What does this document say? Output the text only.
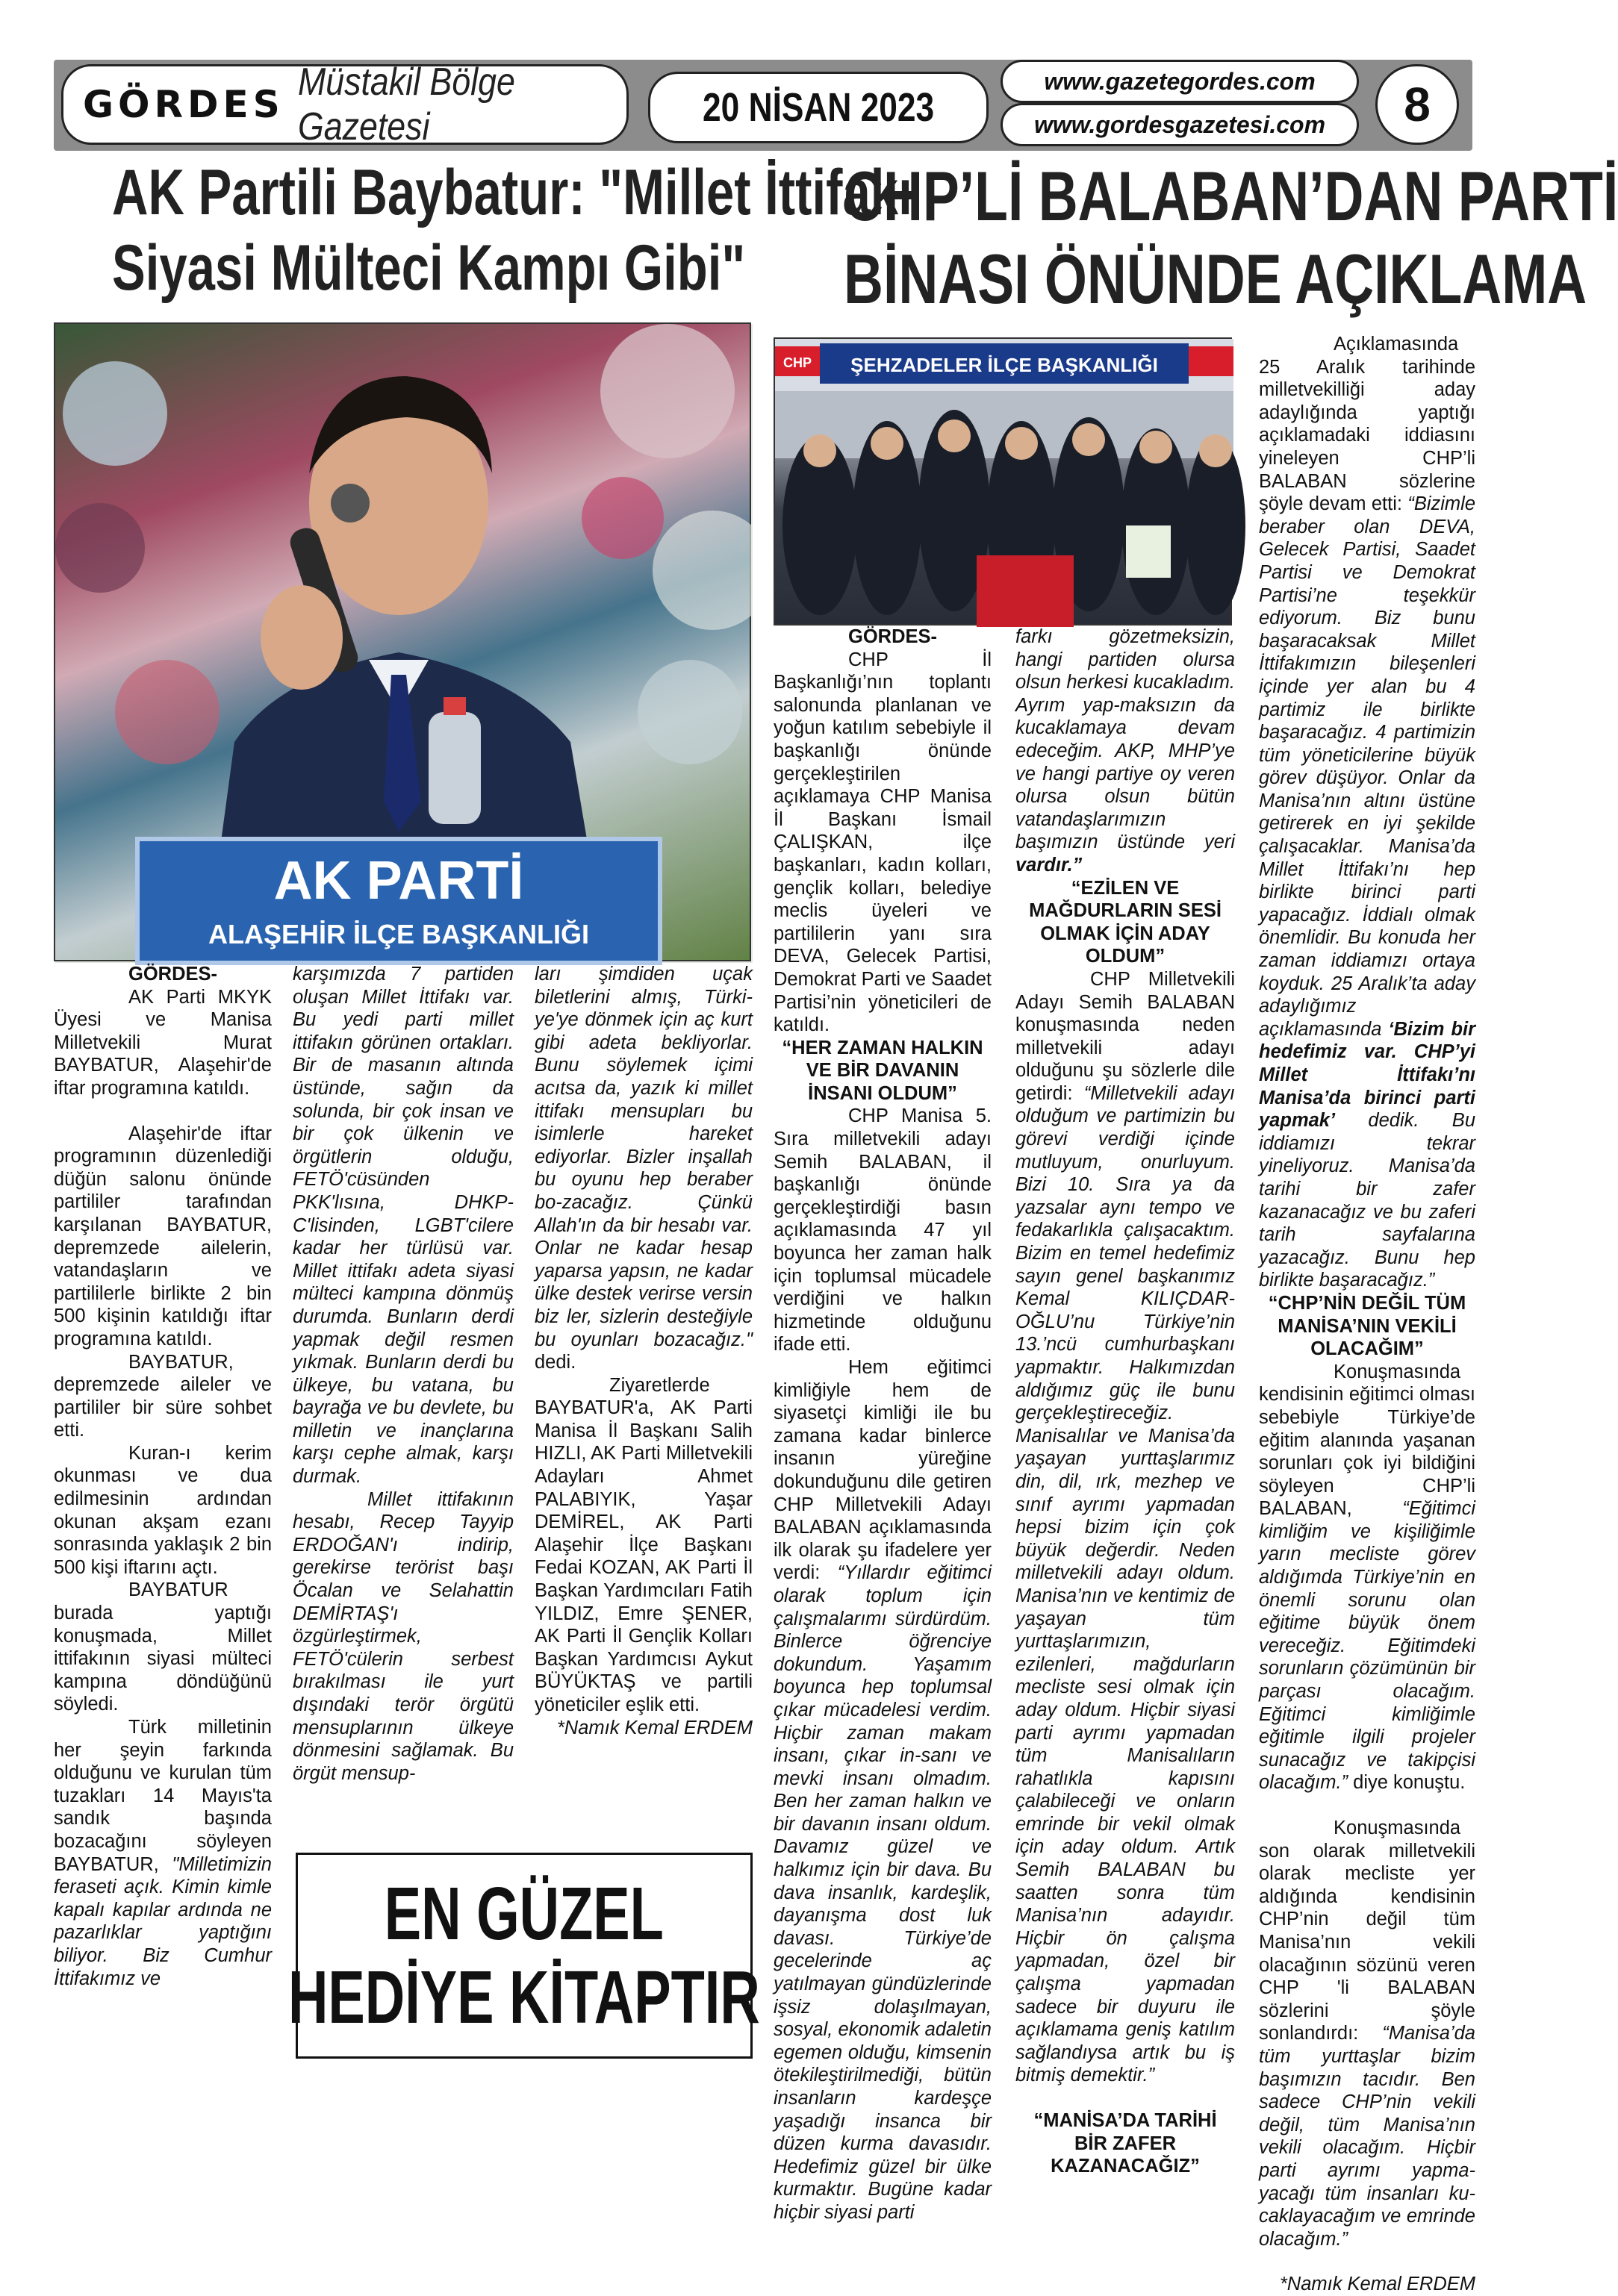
GÖRDES
Müstakil Bölge Gazetesi	20 NİSAN 2023
www.gazetegordes.com
www.gordesgazetesi.com	8
AK Partili Baybatur: "Millet İttifakı
Siyasi Mülteci Kampı Gibi"
CHP’Lİ BALABAN’DAN PARTİ
BİNASI ÖNÜNDE AÇIKLAMA
AK PARTİ
ALAŞEHİR İLÇE BAŞKANLIĞI
ŞEHZADELER İLÇE BAŞKANLIĞI
CHP
GÖRDES-

AK Parti MKYK Üyesi ve Manisa Milletvekili Murat BAYBATUR, Alaşehir'de iftar programına katıldı.

Alaşehir'de iftar programının düzenlediği düğün salonu önünde partililer tarafından karşılanan BAYBATUR, depremzede ailelerin, vatandaşların ve partililerle birlikte 2 bin 500 kişinin katıldığı iftar programına katıldı.

BAYBATUR, depremzede aileler ve partililer bir süre sohbet etti.

Kuran-ı kerim okunması ve dua edilmesinin ardından okunan akşam ezanı sonrasında yaklaşık 2 bin 500 kişi iftarını açtı.

BAYBATUR burada yaptığı konuşmada, Millet ittifakının siyasi mülteci kampına döndüğünü söyledi.

Türk milletinin her şeyin farkında olduğunu ve kurulan tüm tuzakları 14 Mayıs'ta sandık başında bozacağını söyleyen BAYBATUR, "Milletimizin feraseti açık. Kimin kimle kapalı kapılar ardında ne pazarlıklar yaptığını biliyor. Biz Cumhur İttifakımız ve

karşımızda 7 partiden oluşan Millet İttifakı var. Bu yedi parti millet ittifakın görünen ortakları. Bir de masanın altında üstünde, sağın da solunda, bir çok insan ve bir çok ülkenin ve örgütlerin olduğu, FETÖ'cüsünden PKK'lısına, DHKP-C'lisinden, LGBT'cilere kadar her türlüsü var. Millet ittifakı adeta siyasi mülteci kampına dönmüş durumda. Bunların derdi yapmak değil resmen yıkmak. Bunların derdi bu ülkeye, bu vatana, bu bayrağa ve bu devlete, bu milletin ve inançlarına karşı cephe almak, karşı durmak.

Millet ittifakının hesabı, Recep Tayyip ERDOĞAN'ı indirip, gerekirse terörist başı Öcalan ve Selahattin DEMİRTAŞ'ı özgürleştirmek, FETÖ'cülerin serbest bırakılması ile yurt dışındaki terör örgütü mensuplarının ülkeye dönmesini sağlamak. Bu örgüt mensup-

ları şimdiden uçak biletlerini almış, Türki-ye'ye dönmek için aç kurt gibi adeta bekliyorlar. Bunu söylemek içimi acıtsa da, yazık ki millet ittifakı mensupları bu isimlerle hareket ediyorlar. Bizler inşallah bu oyunu hep beraber bo-zacağız. Çünkü Allah'ın da bir hesabı var. Onlar ne kadar hesap yaparsa yapsın, ne kadar ülke destek verirse versin biz ler, sizlerin desteğiyle bu oyunları bozacağız." dedi.

Ziyaretlerde BAYBATUR'a, AK Parti Manisa İl Başkanı Salih HIZLI, AK Parti Milletvekili Adayları Ahmet PALABIYIK, Yaşar DEMİREL, AK Parti Alaşehir İlçe Başkanı Fedai KOZAN, AK Parti İl Başkan Yardımcıları Fatih YILDIZ, Emre ŞENER, AK Parti İl Gençlik Kolları Başkan Yardımcısı Aykut BÜYÜKTAŞ ve partili yöneticiler eşlik etti.

*Namık Kemal ERDEM
EN GÜZEL
HEDİYE KİTAPTIR
GÖRDES-

CHP İl Başkanlığı’nın toplantı salonunda planlanan ve yoğun katılım sebebiyle il başkanlığı önünde gerçekleştirilen açıklamaya CHP Manisa İl Başkanı İsmail ÇALIŞKAN, ilçe başkanları, kadın kolları, gençlik kolları, belediye meclis üyeleri ve partililerin yanı sıra DEVA, Gelecek Partisi, Demokrat Parti ve Saadet Partisi’nin yöneticileri de katıldı.

“HER ZAMAN HALKIN VE BİR DAVANIN İNSANI OLDUM”

CHP Manisa 5. Sıra milletvekili adayı Semih BALABAN, il başkanlığı önünde gerçekleştirdiği basın açıklamasında 47 yıl boyunca her zaman halk için toplumsal mücadele verdiğini ve halkın hizmetinde olduğunu ifade etti.

Hem eğitimci kimliğiyle hem de siyasetçi kimliği ile bu zamana kadar binlerce insanın yüreğine dokunduğunu dile getiren CHP Milletvekili Adayı BALABAN açıklamasında ilk olarak şu ifadelere yer verdi: “Yıllardır eğitimci olarak toplum için çalışmalarımı sürdürdüm. Binlerce öğrenciye dokundum. Yaşamım boyunca hep toplumsal çıkar mücadelesi verdim. Hiçbir zaman makam insanı, çıkar in-sanı ve mevki insanı olmadım. Ben her zaman halkın ve bir davanın insanı oldum. Davamız güzel ve halkımız için bir dava. Bu dava insanlık, kardeşlik, dayanışma dost luk davası. Türkiye’de gecelerinde aç yatılmayan gündüzlerinde işsiz dolaşılmayan, sosyal, ekonomik adaletin egemen olduğu, kimsenin ötekileştirilmediği, bütün insanların kardeşçe yaşadığı insanca bir düzen kurma davasıdır. Hedefimiz güzel bir ülke kurmaktır. Bugüne kadar hiçbir siyasi parti

farkı gözetmeksizin, hangi partiden olursa olsun herkesi kucakladım. Ayrım yap-maksızın da kucaklamaya devam edeceğim. AKP, MHP’ye ve hangi partiye oy veren olursa olsun bütün vatandaşlarımızın başımızın üstünde yeri vardır.”

“EZİLEN VE MAĞDURLARIN SESİ OLMAK İÇİN ADAY OLDUM”

CHP Milletvekili Adayı Semih BALABAN konuşmasında neden milletvekili adayı olduğunu şu sözlerle dile getirdi: “Milletvekili adayı olduğum ve partimizin bu görevi verdiği içinde mutluyum, onurluyum. Bizi 10. Sıra ya da yazsalar aynı tempo ve fedakarlıkla çalışacaktım. Bizim en temel hedefimiz sayın genel başkanımız Kemal KILIÇDAR-OĞLU’nu Türkiye’nin 13.’ncü cumhurbaşkanı yapmaktır. Halkımızdan aldığımız güç ile bunu gerçekleştireceğiz. Manisalılar ve Manisa’da yaşayan yurttaşlarımız din, dil, ırk, mezhep ve sınıf ayrımı yapmadan hepsi bizim için çok büyük değerdir. Neden milletvekili adayı oldum. Manisa’nın ve kentimiz de yaşayan tüm yurttaşlarımızın, ezilenleri, mağdurların mecliste sesi olmak için aday oldum. Hiçbir siyasi parti ayrımı yapmadan tüm Manisalıların rahatlıkla kapısını çalabileceği ve onların emrinde bir vekil olmak için aday oldum. Artık Semih BALABAN bu saatten sonra tüm Manisa’nın adayıdır. Hiçbir ön çalışma yapmadan, özel bir çalışma yapmadan sadece bir duyuru ile açıklamama geniş katılım sağlandıysa artık bu iş bitmiş demektir.”

“MANİSA’DA TARİHİ BİR ZAFER KAZANACAĞIZ”

Açıklamasında 25 Aralık tarihinde milletvekilliği aday adaylığında yaptığı açıklamadaki iddiasını yineleyen CHP’li BALABAN sözlerine şöyle devam etti: “Bizimle beraber olan DEVA, Gelecek Partisi, Saadet Partisi ve Demokrat Partisi’ne teşekkür ediyorum. Biz bunu başaracaksak Millet İttifakımızın bileşenleri içinde yer alan bu 4 partimiz ile birlikte başaracağız. 4 partimizin tüm yöneticilerine büyük görev düşüyor. Onlar da Manisa’nın altını üstüne getirerek en iyi şekilde çalışacaklar. Manisa’da Millet İttifakı’nı hep birlikte birinci parti yapacağız. İddialı olmak önemlidir. Bu konuda her zaman iddiamızı ortaya koyduk. 25 Aralık’ta aday adaylığımız açıklamasında ‘Bizim bir hedefimiz var. CHP’yi Millet İttifakı’nı Manisa’da birinci parti yapmak’ dedik. Bu iddiamızı tekrar yineliyoruz. Manisa’da tarihi bir zafer kazanacağız ve bu zaferi tarih sayfalarına yazacağız. Bunu hep birlikte başaracağız.”

“CHP’NİN DEĞİL TÜM MANİSA’NIN VEKİLİ OLACAĞIM”

Konuşmasında kendisinin eğitimci olması sebebiyle Türkiye’de eğitim alanında yaşanan sorunları çok iyi bildiğini söyleyen CHP’li BALABAN, “Eğitimci kimliğim ve kişiliğimle yarın mecliste görev aldığımda Türkiye’nin en önemli sorunu olan eğitime büyük önem vereceğiz. Eğitimdeki sorunların çözümünün bir parçası olacağım. Eğitimci kimliğimle eğitimle ilgili projeler sunacağız ve takipçisi olacağım.” diye konuştu.

Konuşmasında son olarak milletvekili olarak mecliste yer aldığında kendisinin CHP’nin değil tüm Manisa’nın vekili olacağının sözünü veren CHP 'li BALABAN sözlerini şöyle sonlandırdı: “Manisa’da tüm yurttaşlar bizim başımızın tacıdır. Ben sadece CHP’nin vekili değil, tüm Manisa’nın vekili olacağım. Hiçbir parti ayrımı yapma-yacağı tüm insanları ku-caklayacağım ve emrinde olacağım.”

*Namık Kemal ERDEM
